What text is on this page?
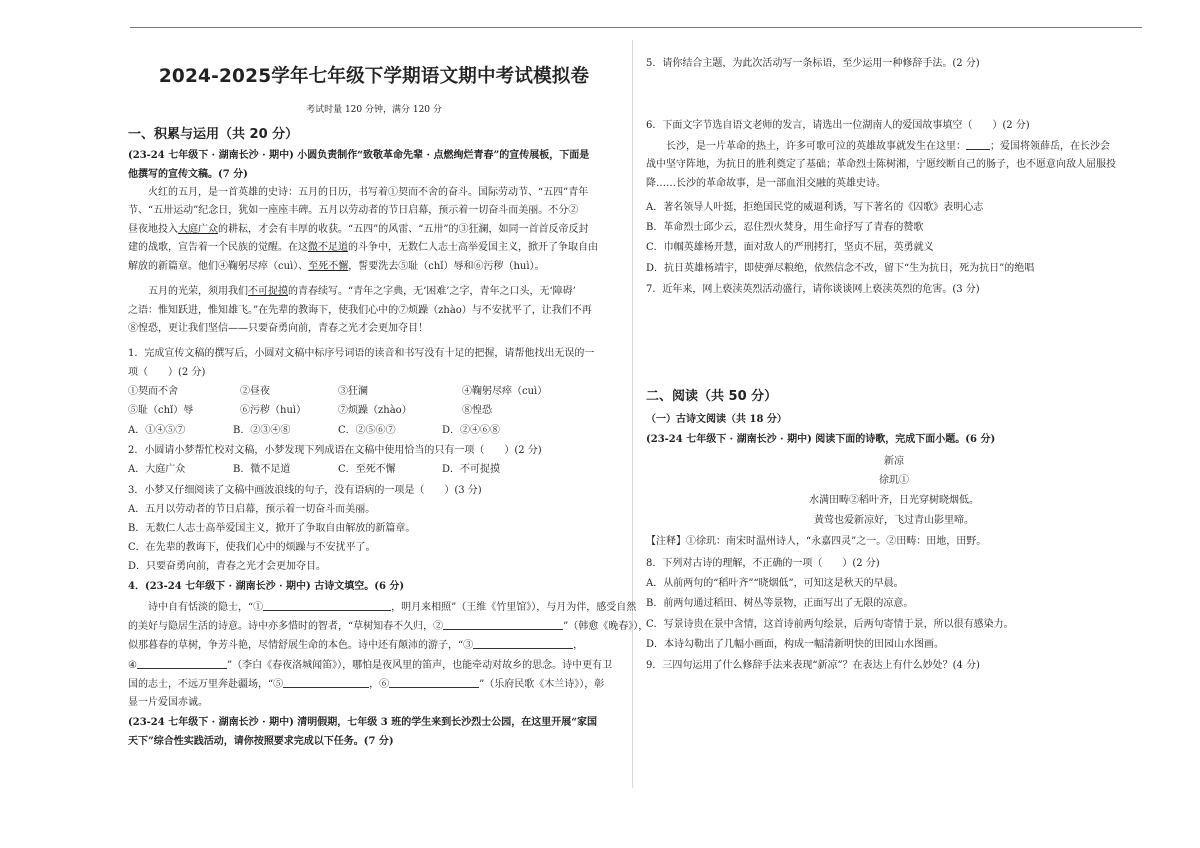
2024-2025学年七年级下学期语文期中考试模拟卷
考试时量 120 分钟，满分 120 分
一、积累与运用（共 20 分）
(23-24 七年级下 · 湖南长沙 · 期中) 小圆负责制作“致敬革命先辈 · 点燃绚烂青春”的宣传展板，下面是
他撰写的宣传文稿。(7 分)
火红的五月，是一首英雄的史诗：五月的日历，书写着①契而不舍的奋斗。国际劳动节、“五四”青年
节、“五卅运动”纪念日，犹如一座座丰碑。五月以劳动者的节日启幕，预示着一切奋斗而美丽。不分②
昼夜地投入大庭广众的耕耘，才会有丰厚的收获。“五四”的风雷、“五卅”的③狂澜，如同一首首反帝反封
建的战歌，宣告着一个民族的觉醒。在这微不足道的斗争中，无数仁人志士高举爱国主义，掀开了争取自由
解放的新篇章。他们④鞠躬尽瘁（cuì）、至死不懈，誓要洗去⑤耻（chǐ）辱和⑥污秽（huì）。
五月的光荣，须用我们不可捉摸的青春续写。“青年之字典，无‘困难’之字，青年之口头，无‘障碍’
之语：惟知跃进，惟知雄飞。”在先辈的教诲下，使我们心中的⑦烦躁（zhào）与不安扰平了，让我们不再
⑧惶恐，更让我们坚信——只要奋勇向前，青春之光才会更加夺目！
1．完成宣传文稿的撰写后，小圆对文稿中标序号词语的读音和书写没有十足的把握，请帮他找出无误的一
项（　　）(2 分)
①契而不舍	②昼夜	③狂澜	④鞠躬尽瘁（cuì）
⑤耻（chǐ）辱	⑥污秽（huì）	⑦烦躁（zhào）	⑧惶恐
A．①④⑤⑦	B．②③④⑧	C．②⑤⑥⑦	D．②④⑥⑧
2．小圆请小梦帮忙校对文稿，小梦发现下列成语在文稿中使用恰当的只有一项（　　）(2 分)
A．大庭广众	B．微不足道	C．至死不懈	D．不可捉摸
3．小梦又仔细阅读了文稿中画波浪线的句子，没有语病的一项是（　　）(3 分)
A．五月以劳动者的节日启幕，预示着一切奋斗而美丽。
B．无数仁人志士高举爱国主义，掀开了争取自由解放的新篇章。
C．在先辈的教诲下，使我们心中的烦躁与不安扰平了。
D．只要奋勇向前，青春之光才会更加夺目。
4．(23-24 七年级下 · 湖南长沙 · 期中) 古诗文填空。(6 分)
诗中自有恬淡的隐士，“①	，明月来相照”（王维《竹里馆》），与月为伴，感受自然
的美好与隐居生活的诗意。诗中亦多惜时的智者，“草树知春不久归，②	”（韩愈《晚春》），
似那暮春的草树，争芳斗艳，尽情舒展生命的本色。诗中还有颠沛的游子，“③	，
④	”（李白《春夜洛城闻笛》），哪怕是夜风里的笛声，也能牵动对故乡的思念。诗中更有卫
国的志士，不远万里奔赴疆场，“⑤	，⑥	”（乐府民歌《木兰诗》），彰
显一片爱国赤诚。
(23-24 七年级下 · 湖南长沙 · 期中) 清明假期，七年级 3 班的学生来到长沙烈士公园，在这里开展“家国
天下”综合性实践活动，请你按照要求完成以下任务。(7 分)
5．请你结合主题，为此次活动写一条标语，至少运用一种修辞手法。(2 分)
6．下面文字节选自语文老师的发言，请选出一位湖南人的爱国故事填空（　　）(2 分)
长沙，是一片革命的热土，许多可歌可泣的英雄故事就发生在这里： ；爱国将领薛岳，在长沙会
战中坚守阵地，为抗日的胜利奠定了基础；革命烈士陈树湘，宁愿绞断自己的肠子，也不愿意向敌人屈服投
降……长沙的革命故事，是一部血泪交融的英雄史诗。
A．著名领导人叶挺，拒绝国民党的威逼利诱，写下著名的《囚歌》表明心志
B．革命烈士邱少云，忍住烈火焚身，用生命抒写了青春的赞歌
C．巾帼英雄杨开慧，面对敌人的严刑拷打，坚贞不屈，英勇就义
D．抗日英雄杨靖宇，即使弹尽粮绝，依然信念不改，留下“生为抗日，死为抗日”的绝唱
7．近年来，网上亵渎英烈活动盛行，请你谈谈网上亵渎英烈的危害。(3 分)
二、阅读（共 50 分）
（一）古诗文阅读（共 18 分）
(23-24 七年级下 · 湖南长沙 · 期中) 阅读下面的诗歌，完成下面小题。(6 分)
新凉
徐玑①
水满田畴②稻叶齐，日光穿树晓烟低。
黄莺也爱新凉好，飞过青山影里啼。
【注释】①徐玑：南宋时温州诗人，“永嘉四灵”之一。②田畴：田地，田野。
8．下列对古诗的理解，不正确的一项（　　）(2 分)
A．从前两句的“稻叶齐”“晓烟低”，可知这是秋天的早晨。
B．前两句通过稻田、树丛等景物，正面写出了无限的凉意。
C．写景诗贵在景中含情，这首诗前两句绘景，后两句寄情于景，所以很有感染力。
D．本诗勾勒出了几幅小画面，构成一幅清新明快的田园山水图画。
9．三四句运用了什么修辞手法来表现“新凉”？在表达上有什么妙处？(4 分)
